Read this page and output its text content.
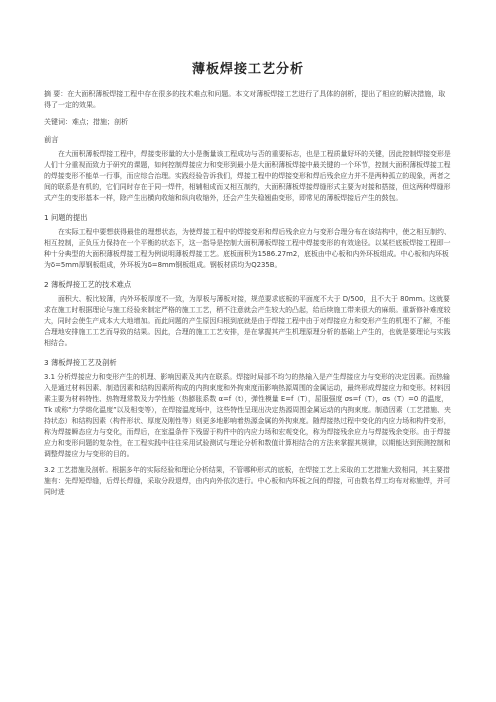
薄板焊接工艺分析
摘 要：在大面积薄板焊接工程中存在很多的技术难点和问题。本文对薄板焊接工艺进行了具体的剖析，提出了相应的解决措施，取得了一定的效果。
关键词：难点；措施；剖析
前言
在大面积薄板焊接工程中，焊接变形量的大小是衡量该工程成功与否的重要标志，也是工程质量好坏的关键，因此控制焊接变形是人们十分重视而致力于研究的课题，如何控制焊接应力和变形到最小是大面积薄板焊接中最关键的一个环节，控制大面积薄板焊接工程的焊接变形不能单一行事，而应综合治理。实践经验告诉我们，焊接工程中的焊接变形和焊后残余应力并不是两种孤立的现象，两者之间的联系是有机的，它们同时存在于同一焊件，相辅相成而又相互制约，大面积薄板焊接焊缝形式主要为对接和搭接，但这两种焊缝形式产生的变形基本一样，除产生出横向收缩和纵向收缩外，还会产生失稳翘曲变形，即常见的薄板焊接后产生的鼓包。
1 问题的提出
在实际工程中要想获得最佳的理想状态，为使焊接工程中的焊接变形和焊后残余应力与变形合理分布在该结构中，使之相互制约、相互控制，正负压力保持在一个平衡的状态下，这一指导是控制大面积薄板焊接工程中焊接变形的有效途径。以某栏底板焊接工程即一种十分典型的大面积薄板焊接工程为例说明薄板焊接工艺。底板面积为1586.27m2，底板由中心板和内外环板组成。中心板和内环板为δ=5mm厚钢板组成，外环板为δ=8mm钢板组成。钢板材质均为Q235B。
2 薄板焊接工艺的技术难点
面积大、板比较薄，内外环板厚度不一致，为厚板与薄板对接，规范要求底板的平面度不大于 D/500，且不大于 80mm。这就要求在施工时根据理论与施工经验来制定严格的施工工艺，稍不注意就会产生较大的凸起，给后续施工带来很大的麻烦。重新修补难度较大，同时会使生产成本大大地增加。而此问题的产生原因归根到底就是由于焊接工程中由于对焊接应力和变形产生的机理不了解，不能合理地安排施工工艺而导致的结果。因此，合理的施工工艺安排，是在掌握其产生机理原理分析的基础上产生的，也就是要理论与实践相结合。
3 薄板焊接工艺及剖析
3.1 分析焊接应力和变形产生的机理、影响因素及其内在联系。焊接时局部不均匀的热输入是产生焊接应力与变形的决定因素。而热输入是通过材料因素、制造因素和结构因素所构成的内拘束度和外拘束度而影响热源周围的金属运动，最终形成焊接应力和变形。材料因素主要为材料特性、热物理常数及力学性能（热膨胀系数 α=f（t），弹性模量 E=f（T），屈服强度 σs=f（T），σs（T）=0 的温度，Tk 或称“力学熔化温度”以及相变等），在焊接温度场中，这些特性呈现出决定热源周围金属运动的内拘束度。制造因素（工艺措施、夹持状态）和结构因素（构件形状、厚度及刚性等）则更多地影响着热源金属的外拘束度。随焊接热过程中变化的内应力场和构件变形，称为焊接瞬态应力与变化，而焊后，在室温条件下残留于构件中的内应力场和宏观变化，称为焊接残余应力与焊接残余变形。由于焊接应力和变形问题的复杂性，在工程实践中往往采用试验测试与理论分析和数值计算相结合的方法来掌握其规律，以期能达到预测控制和调整焊接应力与变形的目的。
3.2 工艺措施及剖析。根据多年的实际经验和理论分析结果，不管哪种形式的底板，在焊接工艺上采取的工艺措施大致相同，其主要措施有：先焊短焊缝，后焊长焊缝，采取分段退焊，由内向外依次进行。中心板和内环板之间的焊接，可由数名焊工均布对称施焊，并可同时进
